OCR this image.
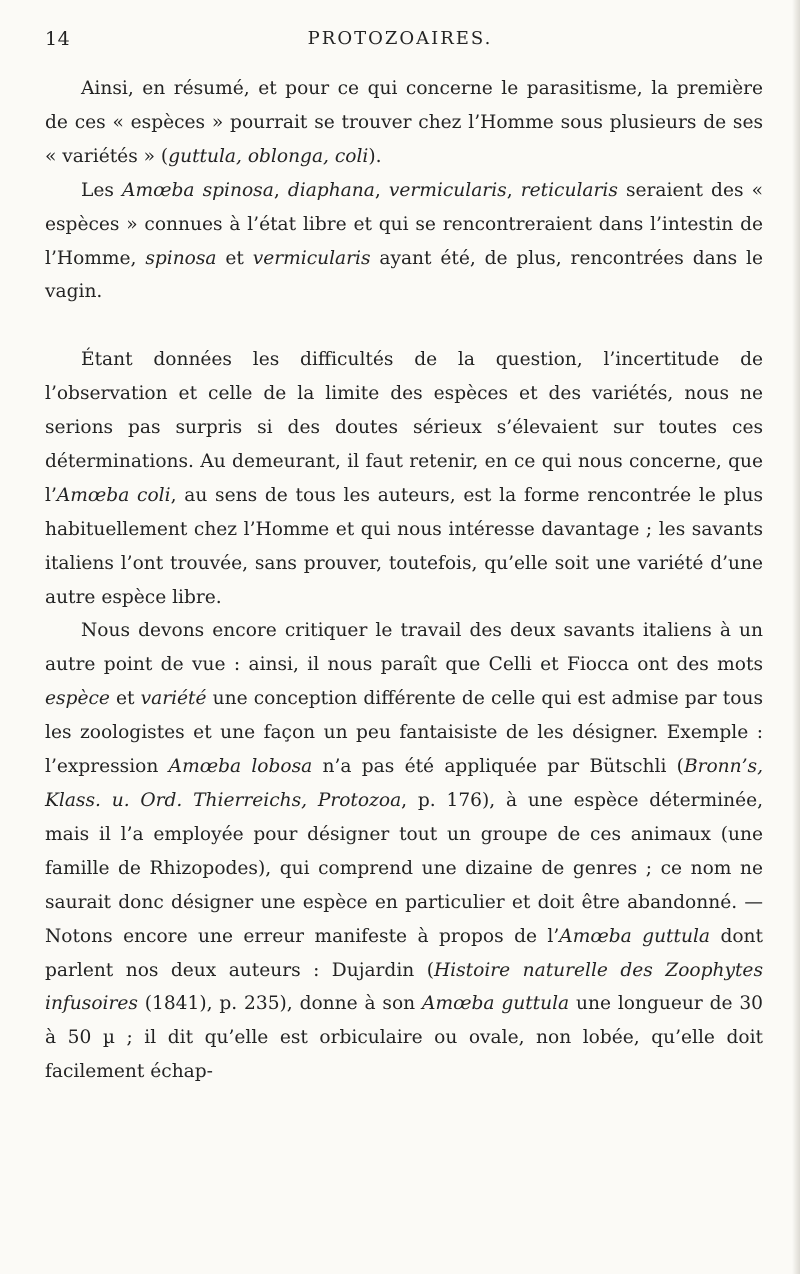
14	PROTOZOAIRES.

Ainsi, en résumé, et pour ce qui concerne le parasitisme, la première de ces « espèces » pourrait se trouver chez l’Homme sous plusieurs de ses « variétés » (guttula, oblonga, coli).

Les Amœba spinosa, diaphana, vermicularis, reticularis seraient des « espèces » connues à l’état libre et qui se rencontreraient dans l’intestin de l’Homme, spinosa et vermicularis ayant été, de plus, rencontrées dans le vagin.

Étant données les difficultés de la question, l’incertitude de l’observation et celle de la limite des espèces et des variétés, nous ne serions pas surpris si des doutes sérieux s’élevaient sur toutes ces déterminations. Au demeurant, il faut retenir, en ce qui nous concerne, que l’Amœba coli, au sens de tous les auteurs, est la forme rencontrée le plus habituellement chez l’Homme et qui nous intéresse davantage ; les savants italiens l’ont trouvée, sans prouver, toutefois, qu’elle soit une variété d’une autre espèce libre.

Nous devons encore critiquer le travail des deux savants italiens à un autre point de vue : ainsi, il nous paraît que Celli et Fiocca ont des mots espèce et variété une conception différente de celle qui est admise par tous les zoologistes et une façon un peu fantaisiste de les désigner. Exemple : l’expression Amœba lobosa n’a pas été appliquée par Bütschli (Bronn’s, Klass. u. Ord. Thierreichs, Protozoa, p. 176), à une espèce déterminée, mais il l’a employée pour désigner tout un groupe de ces animaux (une famille de Rhizopodes), qui comprend une dizaine de genres ; ce nom ne saurait donc désigner une espèce en particulier et doit être abandonné. — Notons encore une erreur manifeste à propos de l’Amœba guttula dont parlent nos deux auteurs : Dujardin (Histoire naturelle des Zoophytes infusoires (1841), p. 235), donne à son Amœba guttula une longueur de 30 à 50 µ ; il dit qu’elle est orbiculaire ou ovale, non lobée, qu’elle doit facilement échap-
